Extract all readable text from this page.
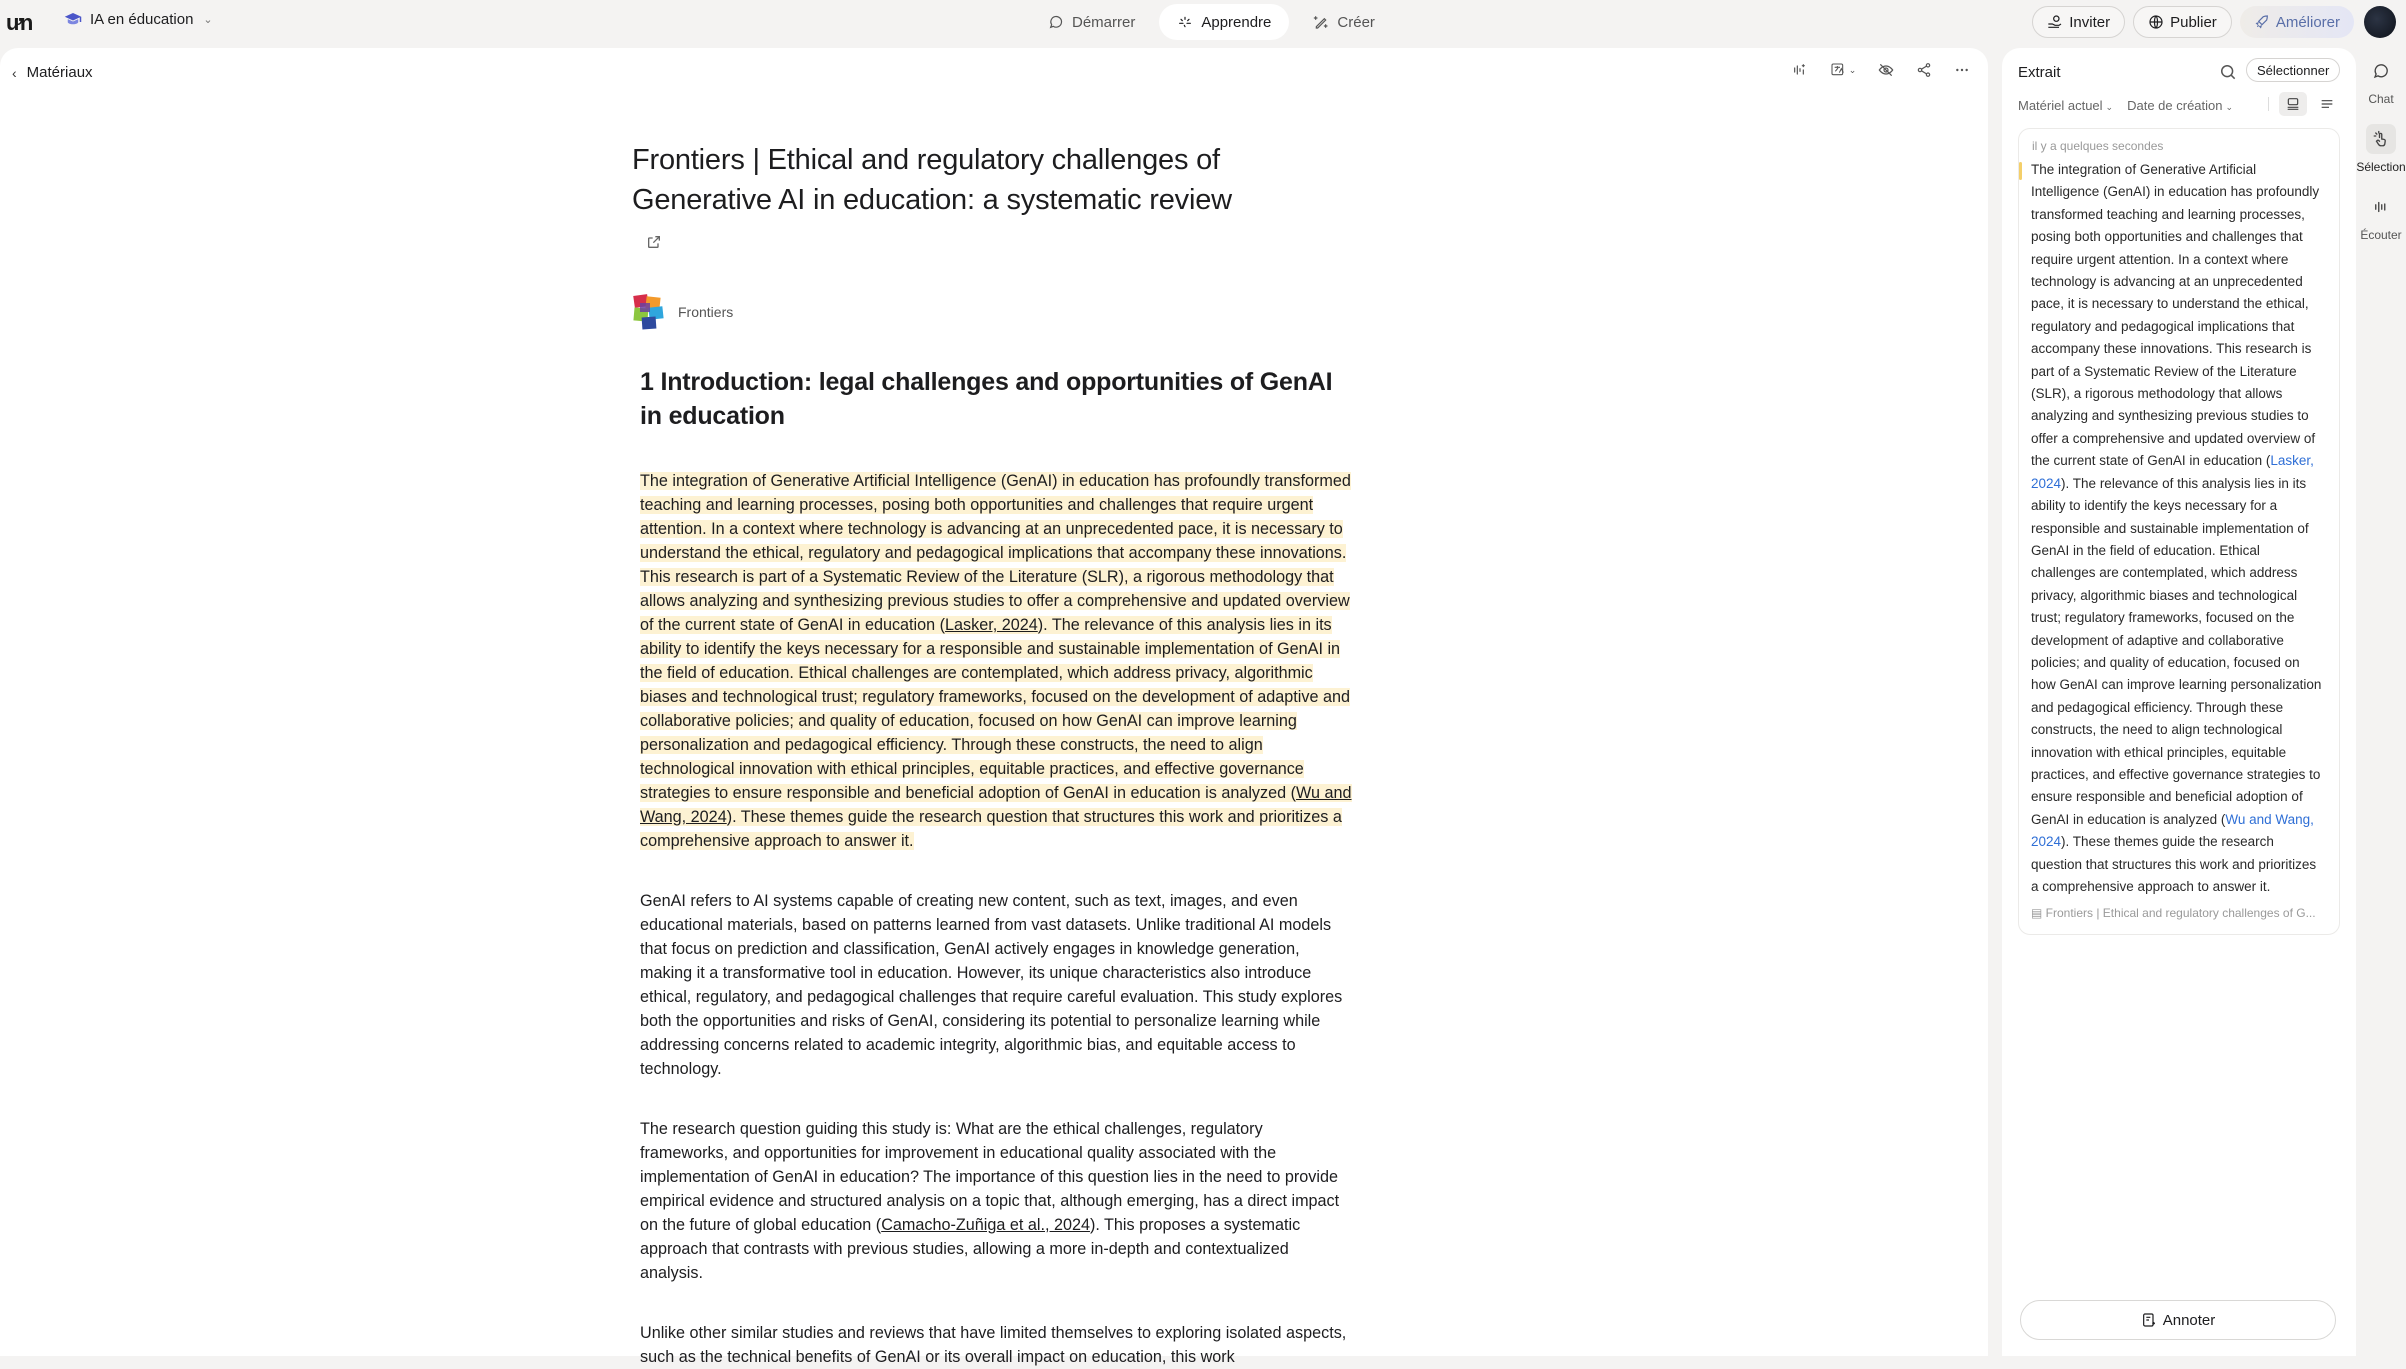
ưn	IA en éducation ⌄	Démarrer	Apprendre	Créer	Inviter	Publier	Améliorer
‹ Matériaux	⌄
Frontiers | Ethical and regulatory challenges of Generative AI in education: a systematic review
Frontiers
1 Introduction: legal challenges and opportunities of GenAI in education

The integration of Generative Artificial Intelligence (GenAI) in education has profoundly transformed teaching and learning processes, posing both opportunities and challenges that require urgent attention. In a context where technology is advancing at an unprecedented pace, it is necessary to understand the ethical, regulatory and pedagogical implications that accompany these innovations. This research is part of a Systematic Review of the Literature (SLR), a rigorous methodology that allows analyzing and synthesizing previous studies to offer a comprehensive and updated overview of the current state of GenAI in education (Lasker, 2024). The relevance of this analysis lies in its ability to identify the keys necessary for a responsible and sustainable implementation of GenAI in the field of education. Ethical challenges are contemplated, which address privacy, algorithmic biases and technological trust; regulatory frameworks, focused on the development of adaptive and collaborative policies; and quality of education, focused on how GenAI can improve learning personalization and pedagogical efficiency. Through these constructs, the need to align technological innovation with ethical principles, equitable practices, and effective governance strategies to ensure responsible and beneficial adoption of GenAI in education is analyzed (Wu and Wang, 2024). These themes guide the research question that structures this work and prioritizes a comprehensive approach to answer it.

GenAI refers to AI systems capable of creating new content, such as text, images, and even educational materials, based on patterns learned from vast datasets. Unlike traditional AI models that focus on prediction and classification, GenAI actively engages in knowledge generation, making it a transformative tool in education. However, its unique characteristics also introduce ethical, regulatory, and pedagogical challenges that require careful evaluation. This study explores both the opportunities and risks of GenAI, considering its potential to personalize learning while addressing concerns related to academic integrity, algorithmic bias, and equitable access to technology.

The research question guiding this study is: What are the ethical challenges, regulatory frameworks, and opportunities for improvement in educational quality associated with the implementation of GenAI in education? The importance of this question lies in the need to provide empirical evidence and structured analysis on a topic that, although emerging, has a direct impact on the future of global education (Camacho-Zuñiga et al., 2024). This proposes a systematic approach that contrasts with previous studies, allowing a more in-depth and contextualized analysis.

Unlike other similar studies and reviews that have limited themselves to exploring isolated aspects, such as the technical benefits of GenAI or its overall impact on education, this work

Extrait	Sélectionner
Matériel actuel ⌄ Date de création ⌄
il y a quelques secondes
The integration of Generative Artificial Intelligence (GenAI) in education has profoundly transformed teaching and learning processes, posing both opportunities and challenges that require urgent attention. In a context where technology is advancing at an unprecedented pace, it is necessary to understand the ethical, regulatory and pedagogical implications that accompany these innovations. This research is part of a Systematic Review of the Literature (SLR), a rigorous methodology that allows analyzing and synthesizing previous studies to offer a comprehensive and updated overview of the current state of GenAI in education (Lasker, 2024). The relevance of this analysis lies in its ability to identify the keys necessary for a responsible and sustainable implementation of GenAI in the field of education. Ethical challenges are contemplated, which address privacy, algorithmic biases and technological trust; regulatory frameworks, focused on the development of adaptive and collaborative policies; and quality of education, focused on how GenAI can improve learning personalization and pedagogical efficiency. Through these constructs, the need to align technological innovation with ethical principles, equitable practices, and effective governance strategies to ensure responsible and beneficial adoption of GenAI in education is analyzed (Wu and Wang, 2024). These themes guide the research question that structures this work and prioritizes a comprehensive approach to answer it.
▤ Frontiers | Ethical and regulatory challenges of G...
Annoter
Chat
Sélection
Écouter
